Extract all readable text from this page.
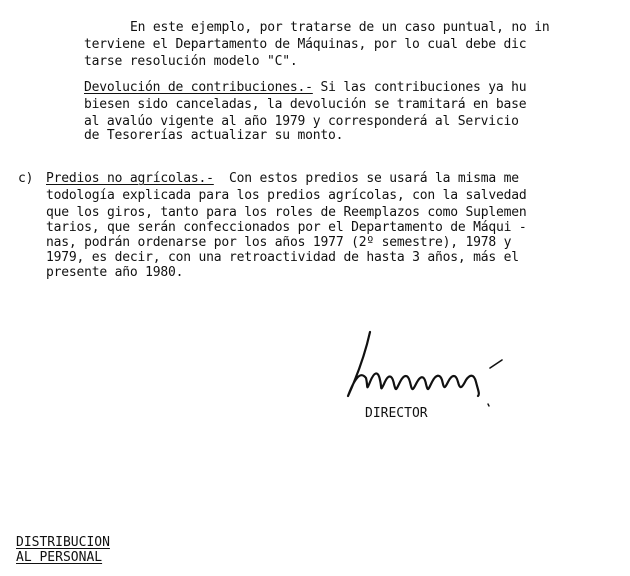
En este ejemplo, por tratarse de un caso puntual, no in
terviene el Departamento de Máquinas, por lo cual debe dic
tarse resolución modelo "C".
Devolución de contribuciones.- Si las contribuciones ya hu
biesen sido canceladas, la devolución se tramitará en base
al avalúo vigente al año 1979 y corresponderá al Servicio
de Tesorerías actualizar su monto.
c) Predios no agrícolas.-  Con estos predios se usará la misma me
todología explicada para los predios agrícolas, con la salvedad
que los giros, tanto para los roles de Reemplazos como Suplemen
tarios, que serán confeccionados por el Departamento de Máqui -
nas, podrán ordenarse por los años 1977 (2º semestre), 1978 y
1979, es decir, con una retroactividad de hasta 3 años, más el
presente año 1980.
DIRECTOR
DISTRIBUCION
AL PERSONAL
